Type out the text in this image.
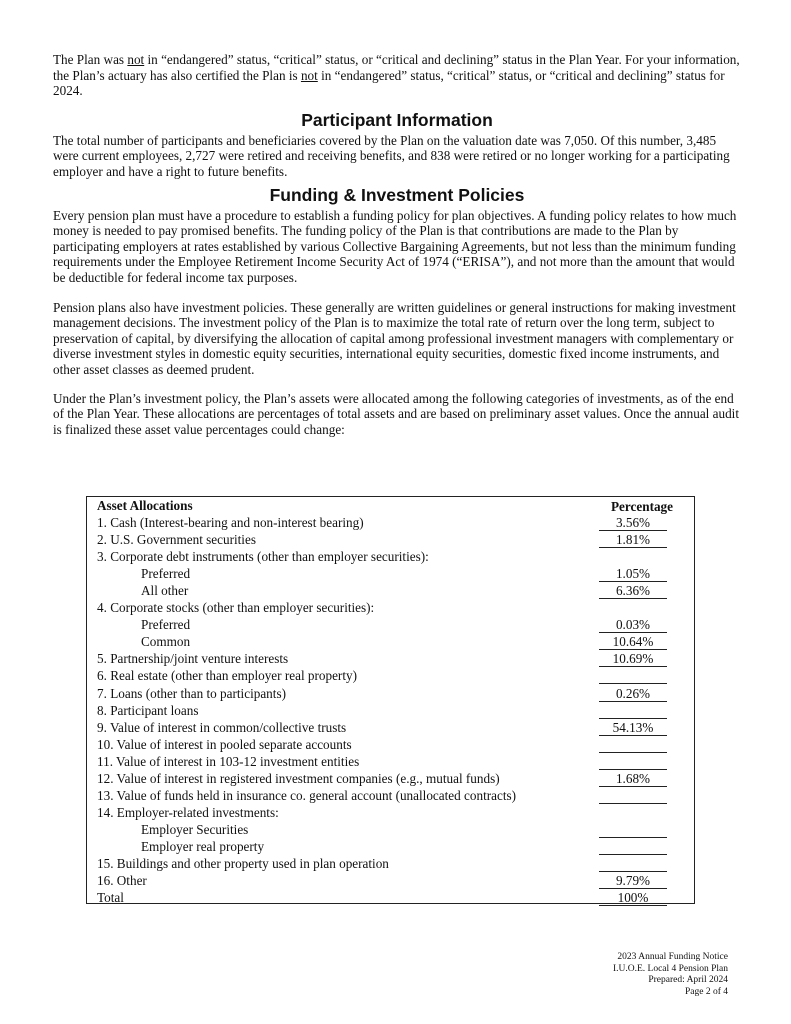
The Plan was not in “endangered” status, “critical” status, or “critical and declining” status in the Plan Year. For your information, the Plan’s actuary has also certified the Plan is not in “endangered” status, “critical” status, or “critical and declining” status for 2024.

Participant Information

The total number of participants and beneficiaries covered by the Plan on the valuation date was 7,050. Of this number, 3,485 were current employees, 2,727 were retired and receiving benefits, and 838 were retired or no longer working for a participating employer and have a right to future benefits.

Funding & Investment Policies

Every pension plan must have a procedure to establish a funding policy for plan objectives. A funding policy relates to how much money is needed to pay promised benefits. The funding policy of the Plan is that contributions are made to the Plan by participating employers at rates established by various Collective Bargaining Agreements, but not less than the minimum funding requirements under the Employee Retirement Income Security Act of 1974 (“ERISA”), and not more than the amount that would be deductible for federal income tax purposes.

Pension plans also have investment policies. These generally are written guidelines or general instructions for making investment management decisions. The investment policy of the Plan is to maximize the total rate of return over the long term, subject to preservation of capital, by diversifying the allocation of capital among professional investment managers with complementary or diverse investment styles in domestic equity securities, international equity securities, domestic fixed income instruments, and other asset classes as deemed prudent.

Under the Plan’s investment policy, the Plan’s assets were allocated among the following categories of investments, as of the end of the Plan Year. These allocations are percentages of total assets and are based on preliminary asset values. Once the annual audit is finalized these asset value percentages could change:

Asset Allocations	Percentage
1. Cash (Interest-bearing and non-interest bearing)	3.56%
2. U.S. Government securities	1.81%
3. Corporate debt instruments (other than employer securities):
Preferred	1.05%
All other	6.36%
4. Corporate stocks (other than employer securities):
Preferred	0.03%
Common	10.64%
5. Partnership/joint venture interests	10.69%
6. Real estate (other than employer real property)
7. Loans (other than to participants)	0.26%
8. Participant loans
9. Value of interest in common/collective trusts	54.13%
10. Value of interest in pooled separate accounts
11. Value of interest in 103-12 investment entities
12. Value of interest in registered investment companies (e.g., mutual funds)	1.68%
13. Value of funds held in insurance co. general account (unallocated contracts)
14. Employer-related investments:
Employer Securities
Employer real property
15. Buildings and other property used in plan operation
16. Other	9.79%
Total	100%
2023 Annual Funding Notice
I.U.O.E. Local 4 Pension Plan
Prepared: April 2024
Page 2 of 4
